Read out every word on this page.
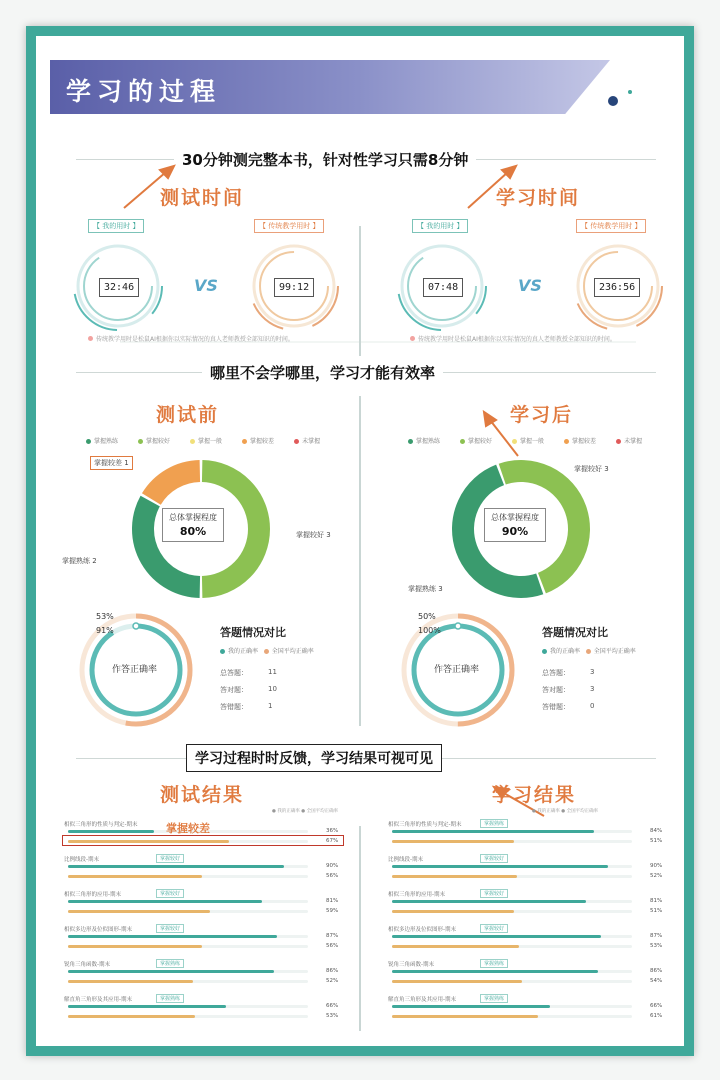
学习的过程
30分钟测完整本书，针对性学习只需8分钟
测试时间
【 我的用时 】	【 传统教学用时 】
32:46	VS	99:12
传统教学用时是松鼠AI根据你以实际情况的真人老师教授全部知识的时间。
学习时间
【 我的用时 】	【 传统教学用时 】
07:48	VS	236:56
传统教学用时是松鼠AI根据你以实际情况的真人老师教授全部知识的时间。
哪里不会学哪里，学习才能有效率
测试前	学习后
掌握熟练	掌握较好	掌握一般	掌握较差	未掌握	掌握熟练	掌握较好	掌握一般	掌握较差	未掌握
总体掌握程度
80%
掌握较差 1
掌握较好 3
掌握熟练 2
总体掌握程度
90%
掌握较好 3
掌握熟练 3
53%
91%
作答正确率
答题情况对比
我的正确率 全国平均正确率
总答题：	11
答对题：	10
答错题：	1
50%
100%
作答正确率
答题情况对比
我的正确率 全国平均正确率
总答题：	3
答对题：	3
答错题：	0
学习过程时时反馈，学习结果可视可见
测试结果	学习结果
● 我的正确率 ● 全国平均正确率	● 我的正确率 ● 全国平均正确率
相似三角形的性质与判定-期末
36%
67%
比例线段-期末	掌握较好
90%
56%
相似三角形的应用-期末	掌握较好
81%
59%
相似多边形及位似图形-期末	掌握较好
87%
56%
锐角三角函数-期末	掌握熟练
86%
52%
解直角三角形及其应用-期末	掌握熟练
66%
53%
相似三角形的性质与判定-期末	掌握熟练
84%
51%
比例线段-期末	掌握较好
90%
52%
相似三角形的应用-期末	掌握较好
81%
51%
相似多边形及位似图形-期末	掌握较好
87%
53%
锐角三角函数-期末	掌握熟练
86%
54%
解直角三角形及其应用-期末	掌握熟练
66%
61%
掌握较差
